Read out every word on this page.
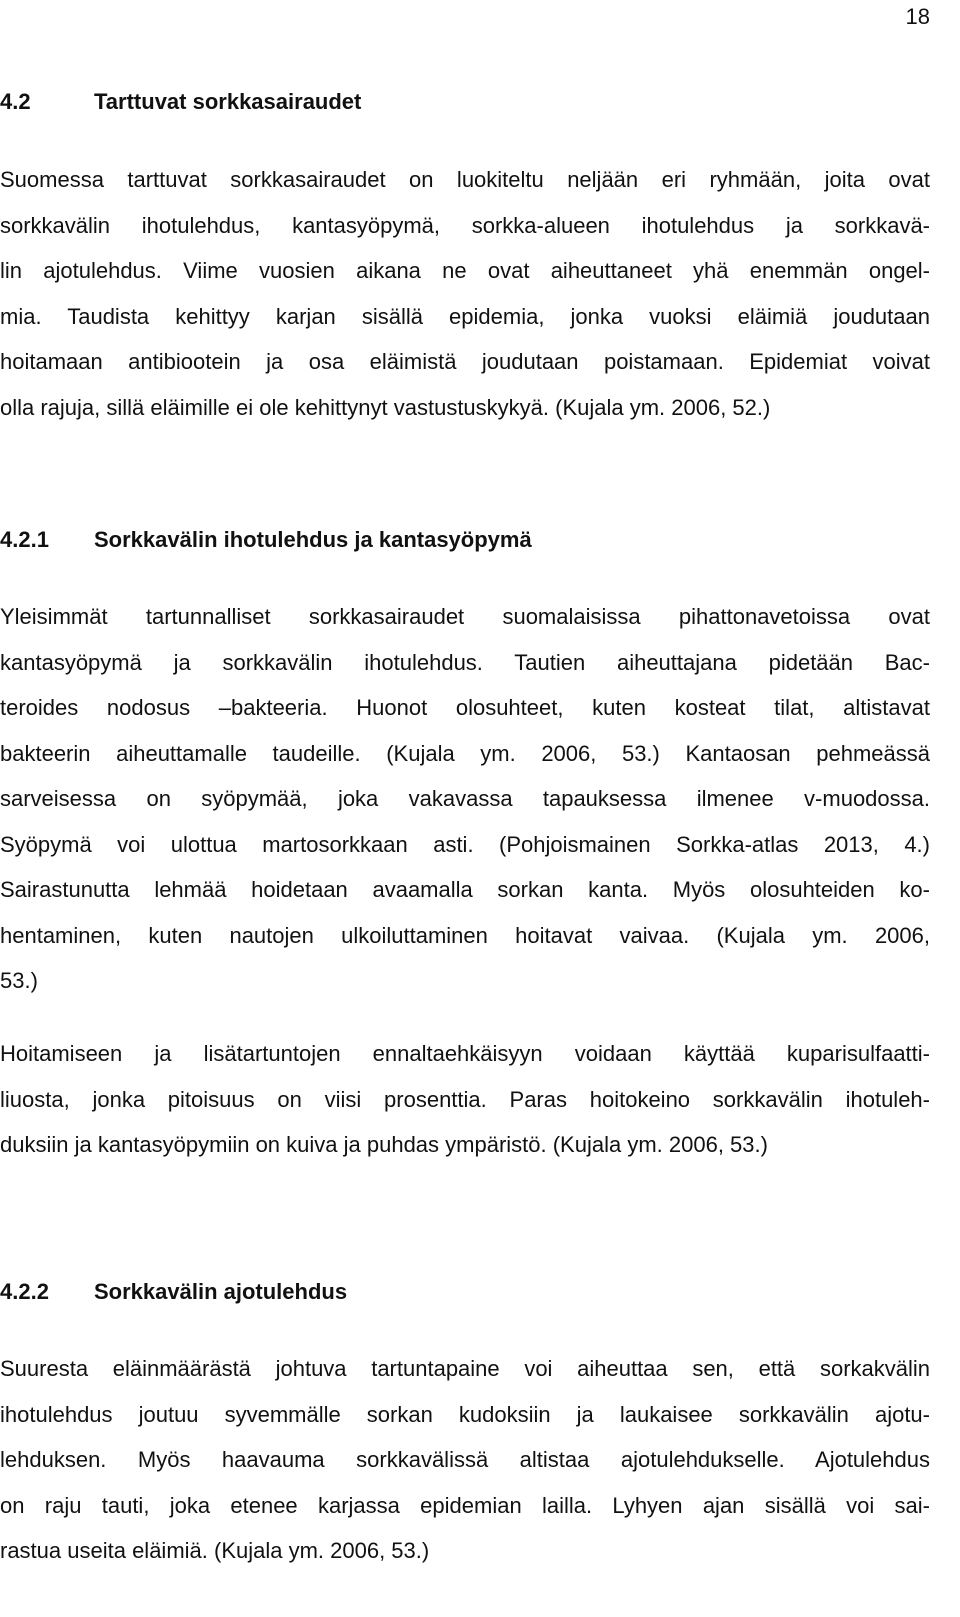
18
4.2	Tarttuvat sorkkasairaudet
Suomessa tarttuvat sorkkasairaudet on luokiteltu neljään eri ryhmään, joita ovat
sorkkavälin ihotulehdus, kantasyöpymä, sorkka-alueen ihotulehdus ja sorkkavä-
lin ajotulehdus. Viime vuosien aikana ne ovat aiheuttaneet yhä enemmän ongel-
mia. Taudista kehittyy karjan sisällä epidemia, jonka vuoksi eläimiä joudutaan
hoitamaan antibiootein ja osa eläimistä joudutaan poistamaan. Epidemiat voivat
olla rajuja, sillä eläimille ei ole kehittynyt vastustuskykyä. (Kujala ym. 2006, 52.)
4.2.1 Sorkkavälin ihotulehdus ja kantasyöpymä
Yleisimmät tartunnalliset sorkkasairaudet suomalaisissa pihattonavetoissa ovat
kantasyöpymä ja sorkkavälin ihotulehdus. Tautien aiheuttajana pidetään Bac-
teroides nodosus –bakteeria. Huonot olosuhteet, kuten kosteat tilat, altistavat
bakteerin aiheuttamalle taudeille. (Kujala ym. 2006, 53.) Kantaosan pehmeässä
sarveisessa on syöpymää, joka vakavassa tapauksessa ilmenee v-muodossa.
Syöpymä voi ulottua martosorkkaan asti. (Pohjoismainen Sorkka-atlas 2013, 4.)
Sairastunutta lehmää hoidetaan avaamalla sorkan kanta. Myös olosuhteiden ko-
hentaminen, kuten nautojen ulkoiluttaminen hoitavat vaivaa. (Kujala ym. 2006,
53.)
Hoitamiseen ja lisätartuntojen ennaltaehkäisyyn voidaan käyttää kuparisulfaatti-
liuosta, jonka pitoisuus on viisi prosenttia. Paras hoitokeino sorkkavälin ihotuleh-
duksiin ja kantasyöpymiin on kuiva ja puhdas ympäristö. (Kujala ym. 2006, 53.)
4.2.2 Sorkkavälin ajotulehdus
Suuresta eläinmäärästä johtuva tartuntapaine voi aiheuttaa sen, että sorkakvälin
ihotulehdus joutuu syvemmälle sorkan kudoksiin ja laukaisee sorkkavälin ajotu-
lehduksen. Myös haavauma sorkkavälissä altistaa ajotulehdukselle. Ajotulehdus
on raju tauti, joka etenee karjassa epidemian lailla. Lyhyen ajan sisällä voi sai-
rastua useita eläimiä. (Kujala ym. 2006, 53.)
